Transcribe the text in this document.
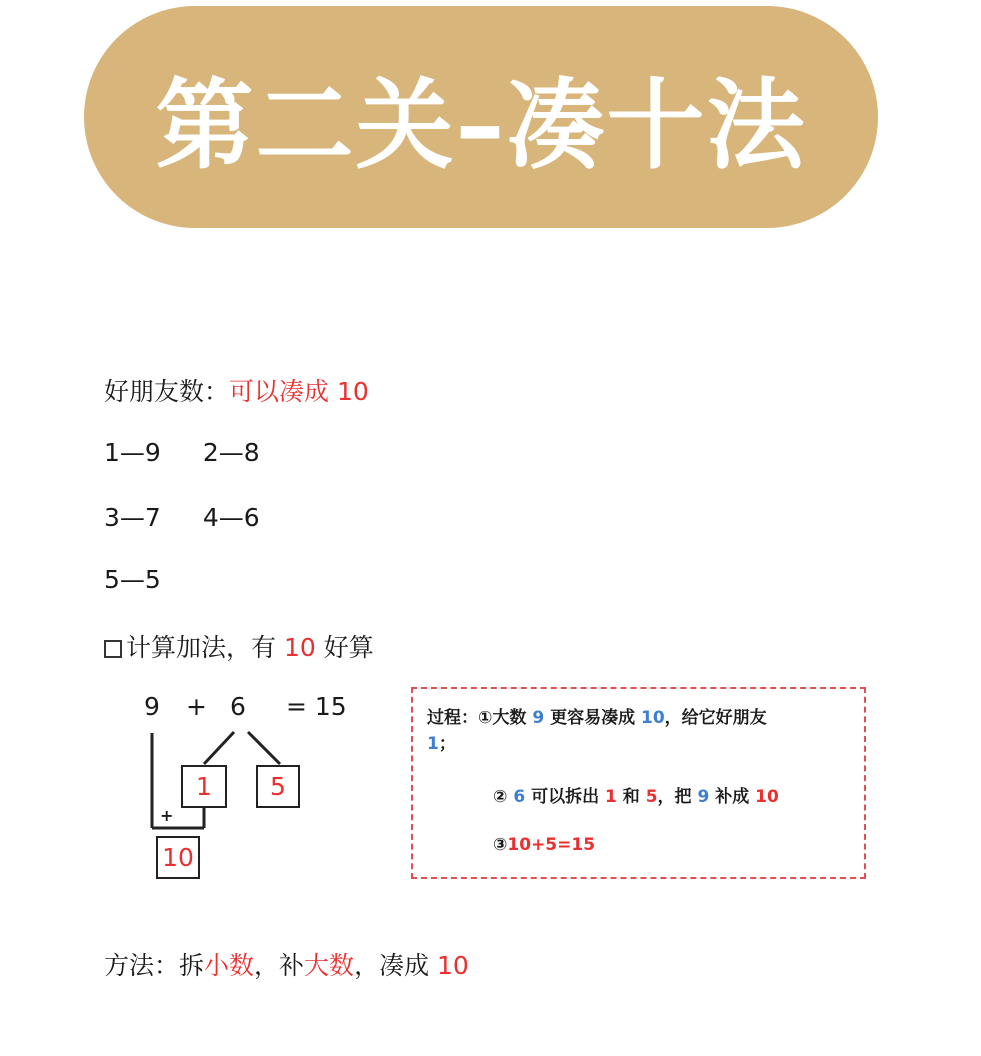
第二关–凑十法
好朋友数：可以凑成 10
1—9 2—8
3—7 4—6
5—5
计算加法，有 10 好算
9 + 6 = 15
1	5
+
10
过程：①大数 9 更容易凑成 10，给它好朋友
1；
② 6 可以拆出 1 和 5，把 9 补成 10
③10+5=15
方法：拆小数，补大数，凑成 10
